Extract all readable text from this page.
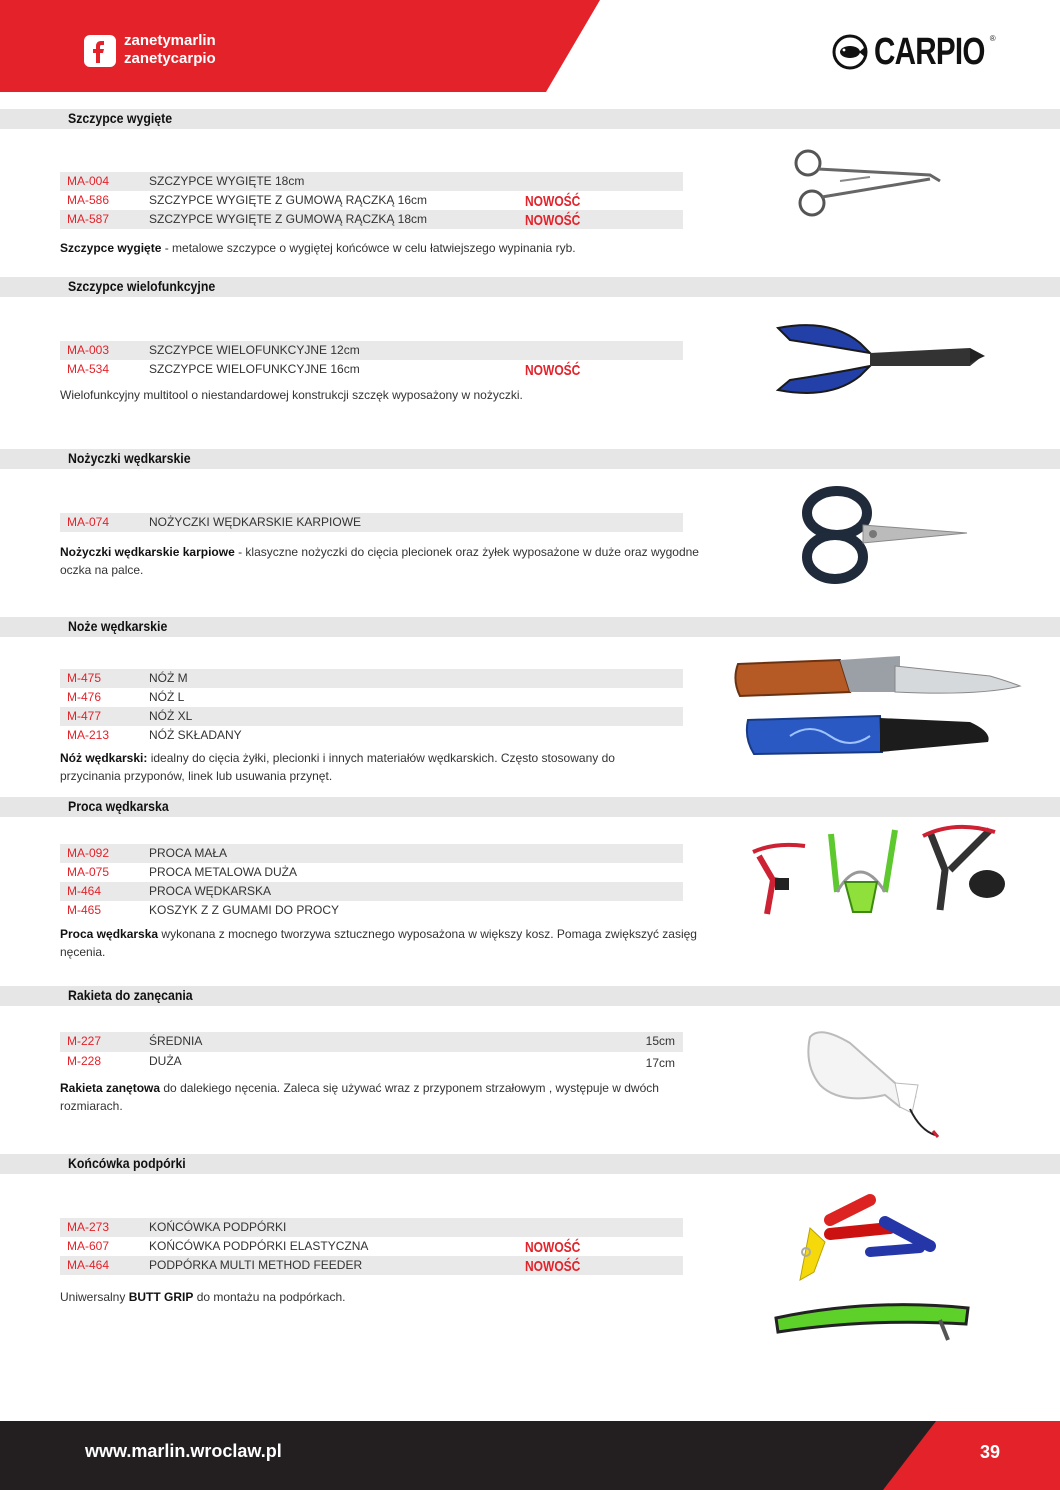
zanetymarlin
zanetycarpio	CARPIO ®
Szczypce wygięte
MA-004	SZCZYPCE WYGIĘTE 18cm
MA-586	SZCZYPCE WYGIĘTE Z GUMOWĄ RĄCZKĄ 16cm	NOWOŚĆ
MA-587	SZCZYPCE WYGIĘTE Z GUMOWĄ RĄCZKĄ 18cm	NOWOŚĆ
Szczypce wygięte - metalowe szczypce o wygiętej końcówce w celu łatwiejszego wypinania ryb.
Szczypce wielofunkcyjne
MA-003	SZCZYPCE WIELOFUNKCYJNE 12cm
MA-534	SZCZYPCE WIELOFUNKCYJNE 16cm	NOWOŚĆ
Wielofunkcyjny multitool o niestandardowej konstrukcji szczęk wyposażony w nożyczki.
Nożyczki wędkarskie
MA-074	NOŻYCZKI WĘDKARSKIE KARPIOWE
Nożyczki wędkarskie karpiowe - klasyczne nożyczki do cięcia plecionek oraz żyłek wyposażone w duże oraz wygodne oczka na palce.
Noże wędkarskie
M-475	NÓŻ M
M-476	NÓŻ L
M-477	NÓŻ XL
MA-213	NÓŻ SKŁADANY
Nóż wędkarski: idealny do cięcia żyłki, plecionki i innych materiałów wędkarskich. Często stosowany do przycinania przyponów, linek lub usuwania przynęt.
Proca wędkarska
MA-092	PROCA MAŁA
MA-075	PROCA METALOWA DUŻA
M-464	PROCA WĘDKARSKA
M-465	KOSZYK Z Z GUMAMI DO PROCY
Proca wędkarska wykonana z mocnego tworzywa sztucznego wyposażona w większy kosz. Pomaga zwiększyć zasięg nęcenia.
Rakieta do zanęcania
M-227	ŚREDNIA	15cm
M-228	DUŻA	17cm
Rakieta zanętowa do dalekiego nęcenia. Zaleca się używać wraz z przyponem strzałowym , występuje w dwóch rozmiarach.
Końcówka podpórki
MA-273	KOŃCÓWKA PODPÓRKI
MA-607	KOŃCÓWKA PODPÓRKI ELASTYCZNA	NOWOŚĆ
MA-464	PODPÓRKA MULTI METHOD FEEDER	NOWOŚĆ
Uniwersalny BUTT GRIP do montażu na podpórkach.
www.marlin.wroclaw.pl	39
